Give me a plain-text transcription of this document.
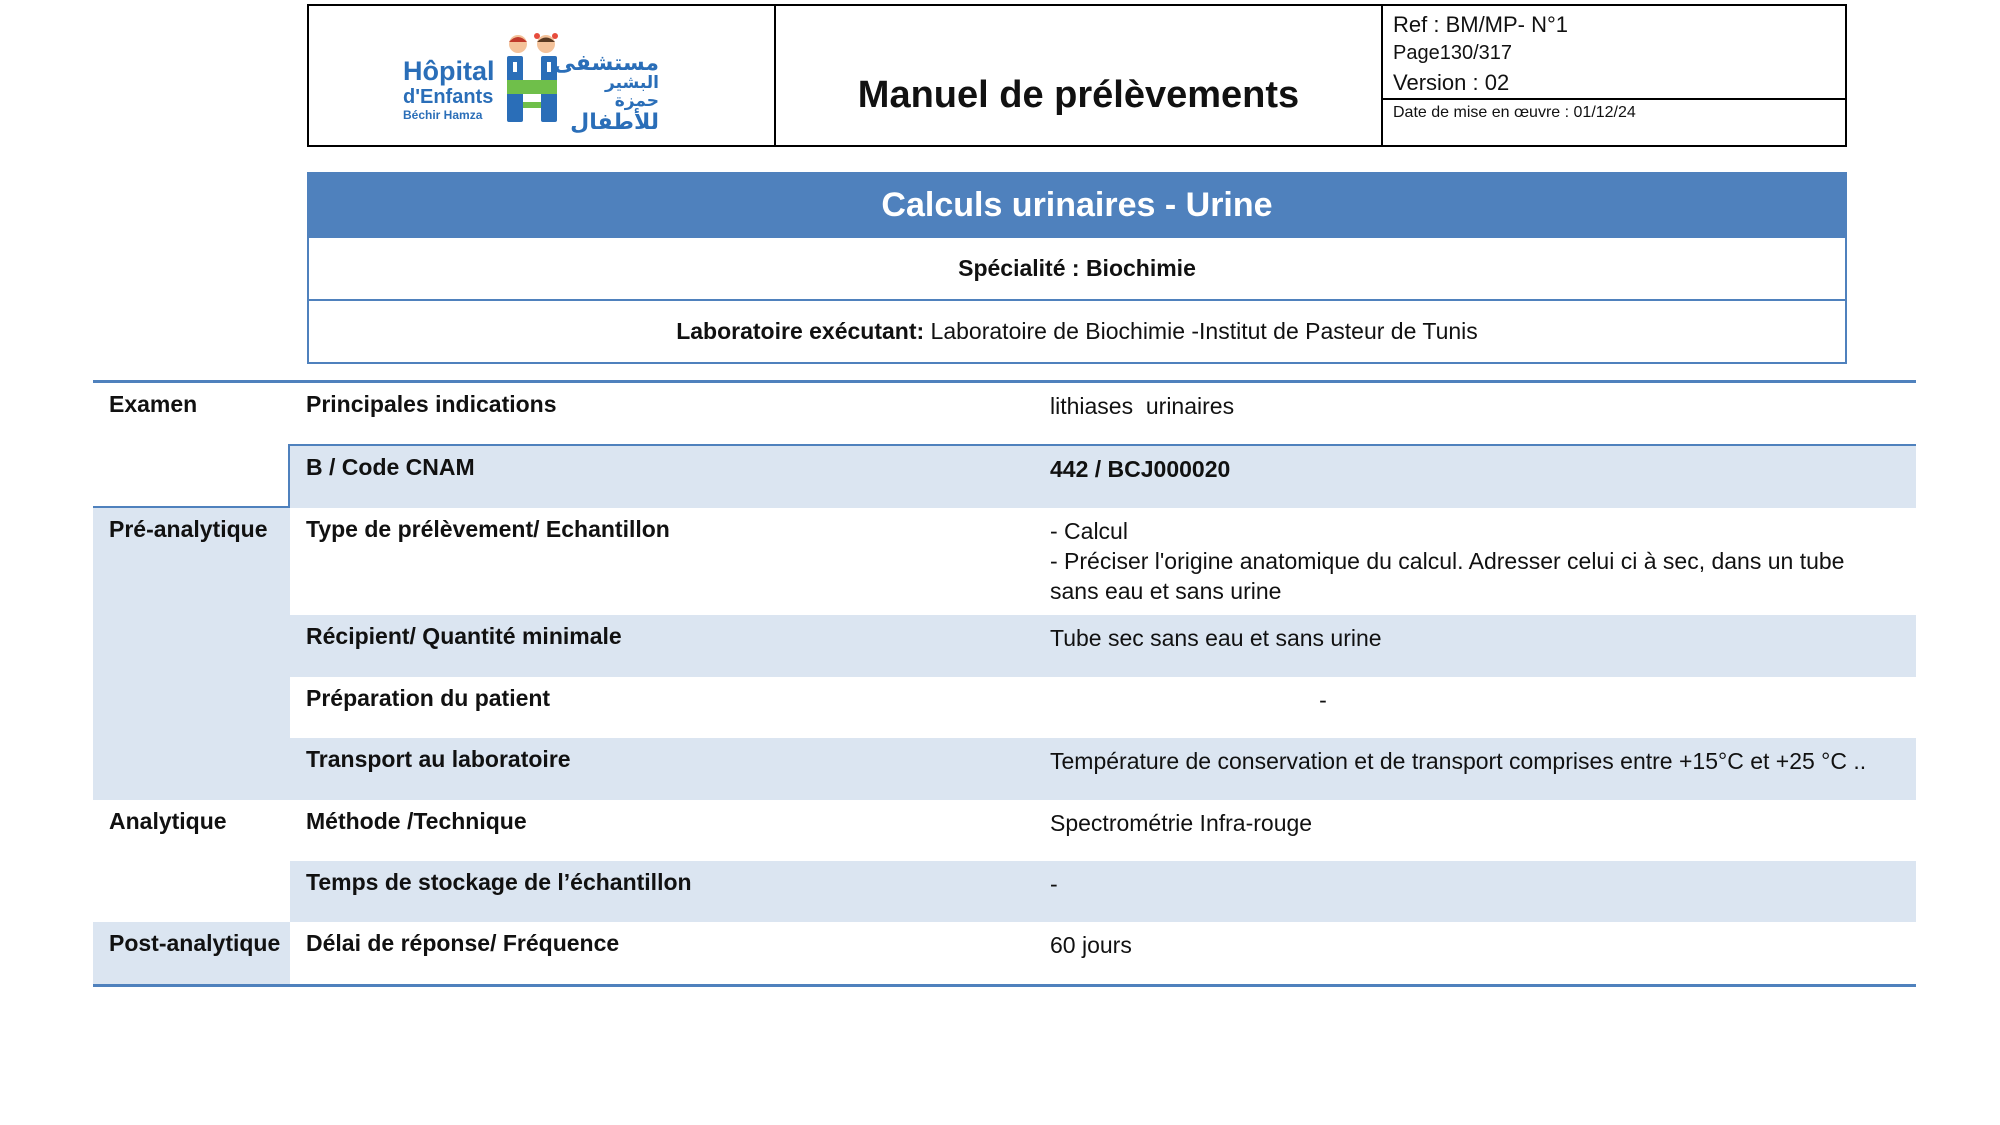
Hôpital
d'Enfants
Béchir Hamza
مستشفى
البشير حمزة
للأطفال
Manuel de prélèvements
Ref : BM/MP- N°1
Page130/317
Version : 02
Date de mise en œuvre : 01/12/24
Calculs urinaires - Urine
Spécialité : Biochimie
Laboratoire exécutant: Laboratoire de Biochimie -Institut de Pasteur de Tunis
Examen	Principales indications	lithiases  urinaires
B / Code CNAM	442 / BCJ000020
Pré-analytique	Type de prélèvement/ Echantillon	- Calcul
- Préciser l'origine anatomique du calcul. Adresser celui ci à sec, dans un tube
sans eau et sans urine
Récipient/ Quantité minimale	Tube sec sans eau et sans urine
Préparation du patient	-
Transport au laboratoire	Température de conservation et de transport comprises entre +15°C et +25 °C ..
Analytique	Méthode /Technique	Spectrométrie Infra-rouge
Temps de stockage de l’échantillon	-
Post-analytique	Délai de réponse/ Fréquence	60 jours
